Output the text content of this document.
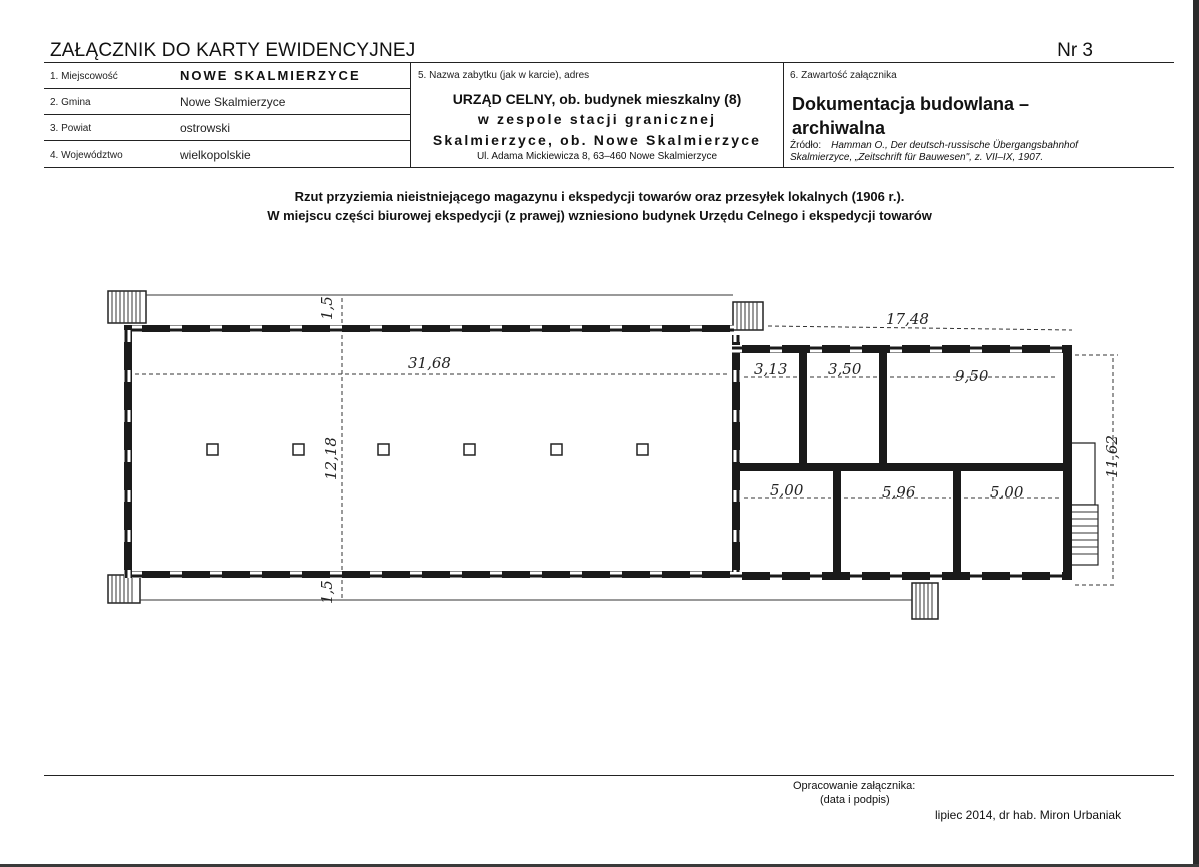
ZAŁĄCZNIK DO KARTY EWIDENCYJNEJ	Nr 3
1. Miejscowość	NOWE SKALMIERZYCE
2. Gmina	Nowe Skalmierzyce
3. Powiat	ostrowski
4. Województwo	wielkopolskie
5. Nazwa zabytku (jak w karcie), adres
URZĄD CELNY, ob. budynek mieszkalny (8)
w zespole stacji granicznej
Skalmierzyce, ob. Nowe Skalmierzyce
Ul. Adama Mickiewicza 8, 63–460 Nowe Skalmierzyce
6. Zawartość załącznika
Dokumentacja budowlana –
archiwalna
Źródło: Hamman O., Der deutsch-russische Übergangsbahnhof
Skalmierzyce, „Zeitschrift für Bauwesen", z. VII–IX, 1907.
Rzut przyziemia nieistniejącego magazynu i ekspedycji towarów oraz przesyłek lokalnych (1906 r.).
W miejscu części biurowej ekspedycji (z prawej) wzniesiono budynek Urzędu Celnego i ekspedycji towarów
1,5
1,5
31,68
12,18
17,48
11,62
3,13	3,50	9,50
5,00	5,96	5,00
Opracowanie załącznika:
(data i podpis)
lipiec 2014, dr hab. Miron Urbaniak
